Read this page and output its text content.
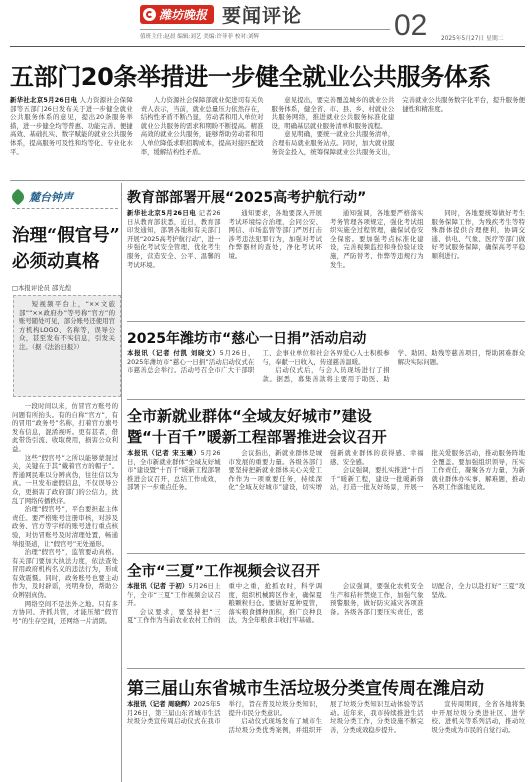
潍坊晚报 要闻评论
值班主任:赵晨 编辑:刘艺 美编:许菲菲 校对:刘辉	02 2025年5月27日 星期二
五部门20条举措进一步健全就业公共服务体系

新华社北京5月26日电 人力资源社会保障部等五部门26日发布关于进一步健全就业公共服务体系的意见，提出20条服务举措，进一步健全均等普惠、功能完善、便捷高效、基础扎实、数字赋能的就业公共服务体系，提高服务可及性和均等化、专业化水平。

人力资源社会保障部就业促进司有关负责人表示，当前，就业总量压力依然存在，结构性矛盾不断凸显，劳动者和用人单位对就业公共服务的需求和期盼不断提高。精准高效的就业公共服务，能够帮助劳动者和用人单位降低求职招聘成本，提高对接匹配效率，缓解结构性矛盾。

意见提出，要完善覆盖城乡的就业公共服务体系，健全省、市、县、乡、村就业公共服务网络，推进就业公共服务标准化建设，明确基层就业服务清单和服务流程。

意见明确，要统一就业公共服务清单，合理布局就业服务站点。同时，加大就业服务资金投入，统筹保障就业公共服务支出，完善就业公共服务数字化平台，提升服务便捷性和精准度。

麓台钟声
治理“假官号”
必须动真格
□本报评论员 邵光煌

短视频平台上，“××文旅部”“××政府办”等号称“官方”的账号随处可见，部分账号还使用官方机构LOGO、名称等，误导公众，甚至发布不实信息，引发关注。（据《法治日报》）

一段时间以来，仿冒官方账号的问题有所抬头。有的自称“官方”，有的冒用“政务号”名称，打着官方旗号发布信息，混淆视听。更有甚者，借此带货引流、收取费用，损害公众利益。

这些“假官号”之所以能够蒙混过关，关键在于其“戴着官方的帽子”。普通网民难以分辨真伪，往往信以为真。一旦发布虚假信息，不仅误导公众，更损害了政府部门的公信力，扰乱了网络传播秩序。

治理“假官号”，平台要担起主体责任。要严格账号注册审核，对涉及政务、官方等字样的账号进行重点核验，对仿冒账号及时清理处置，畅通举报渠道，让“假官号”无处遁形。

治理“假官号”，监管要动真格。有关部门要加大执法力度，依法查处冒用政府机构名义的违法行为，形成有效震慑。同时，政务账号也要主动作为，及时辟谣，亮明身份，帮助公众辨别真伪。

网络空间不是法外之地。只有多方协同、齐抓共管，才能压缩“假官号”的生存空间，还网络一片清朗。

教育部部署开展“2025高考护航行动”

新华社北京5月26日电 记者26日从教育部获悉，近日，教育部印发通知，部署各地和有关部门开展“2025高考护航行动”，进一步强化考试安全管理、优化考生服务，营造安全、公平、温馨的考试环境。

通知要求，各地要深入开展考试环境综合治理，会同公安、网信、市场监管等部门严厉打击涉考违法犯罪行为，加强对考试作弊器材的查处，净化考试环境。

通知强调，各地要严格落实考务管理各项规定，强化考试组织实施全过程管理，确保试卷安全保密。要加强考点标准化建设，完善视频监控和身份验证设施，严防替考、作弊等违规行为发生。

同时，各地要统筹做好考生服务保障工作，为残疾考生等特殊群体提供合理便利，协调交通、供电、气象、医疗等部门做好考试服务保障，确保高考平稳顺利进行。

2025年潍坊市“慈心一日捐”活动启动

本报讯（记者 付凯 刘晓文）5月26日，2025年潍坊市“慈心一日捐”活动启动仪式在市慈善总会举行。活动号召全市广大干部职工、企事业单位和社会各界爱心人士积极参与，奉献一日收入，传递慈善温暖。

启动仪式后，与会人员现场进行了捐款。据悉，募集善款将主要用于助医、助学、助困、助残等慈善项目，帮助困难群众解决实际问题。

全市新就业群体“全域友好城市”建设
暨“十百千”暖新工程部署推进会议召开

本报讯（记者 宋玉曦）5月26日，全市新就业群体“全域友好城市”建设暨“十百千”暖新工程部署推进会议召开，总结工作成效，部署下一步重点任务。

会议指出，新就业群体是城市发展的重要力量。各级各部门要坚持把新就业群体关心关爱工作作为一项重要任务，持续深化“全域友好城市”建设，切实增强新就业群体的获得感、幸福感、安全感。

会议强调，要扎实推进“十百千”暖新工程，建设一批暖新驿站，打造一批友好场景，开展一批关爱服务活动，推动服务阵地全覆盖。要加强组织领导，压实工作责任，凝聚各方力量，为新就业群体办实事、解难题，推动各项工作落地见效。

全市“三夏”工作视频会议召开

本报讯（记者 于初）5月26日上午，全市“三夏”工作视频会议召开。

会议要求，要坚持把“三夏”工作作为当前农业农村工作的重中之重，抢抓农时，科学调度，组织机械跨区作业，确保夏粮颗粒归仓。要做好夏种夏管，落实粮食播种面积，推广良种良法，为全年粮食丰收打牢基础。

会议强调，要强化农机安全生产和秸秆禁烧工作，加强气象预警服务，做好防灾减灾各项准备。各级各部门要压实责任，密切配合，全力以赴打好“三夏”攻坚战。

第三届山东省城市生活垃圾分类宣传周在潍启动

本报讯（记者 周晓辉）2025年5月26日，第三届山东省城市生活垃圾分类宣传周启动仪式在我市举行，旨在普及垃圾分类知识，提升市民分类意识。

启动仪式现场发布了城市生活垃圾分类优秀案例，并组织开展了垃圾分类知识互动体验等活动。近年来，我市持续推进生活垃圾分类工作，分类设施不断完善，分类成效稳步提升。

宣传周期间，全省各地将集中开展垃圾分类进社区、进学校、进机关等系列活动，推动垃圾分类成为市民的自觉行动。
